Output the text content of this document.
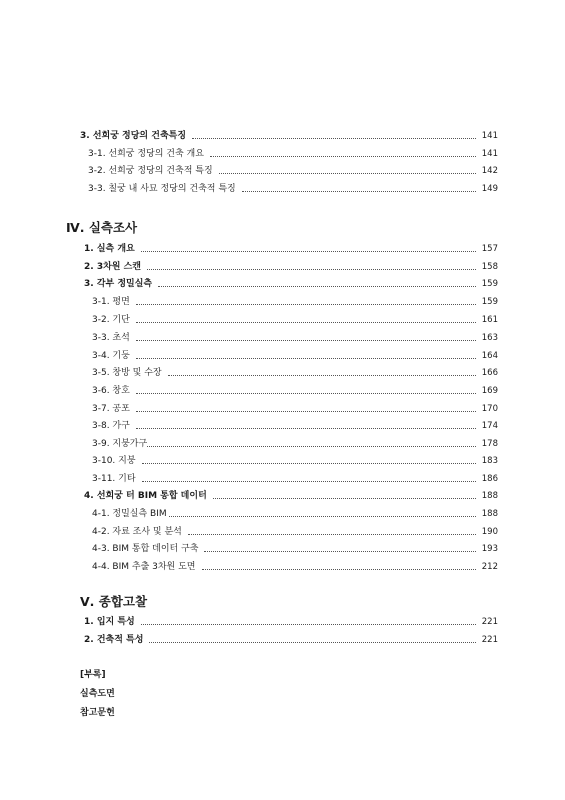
3. 선희궁 정당의 건축특징	141
3-1. 선희궁 정당의 건축 개요	141
3-2. 선희궁 정당의 건축적 특징	142
3-3. 칠궁 내 사묘 정당의 건축적 특징	149
Ⅳ. 실측조사
1. 실측 개요	157
2. 3차원 스캔	158
3. 각부 정밀실측	159
3-1. 평면	159
3-2. 기단	161
3-3. 초석	163
3-4. 기둥	164
3-5. 창방 및 수장	166
3-6. 창호	169
3-7. 공포	170
3-8. 가구	174
3-9. 지붕가구	178
3-10. 지붕	183
3-11. 기타	186
4. 선희궁 터 BIM 통합 데이터	188
4-1. 정밀실측 BIM	188
4-2. 자료 조사 및 분석	190
4-3. BIM 통합 데이터 구축	193
4-4. BIM 추출 3차원 도면	212
Ⅴ. 종합고찰
1. 입지 특성	221
2. 건축적 특성	221
[부록]
실측도면
참고문헌
